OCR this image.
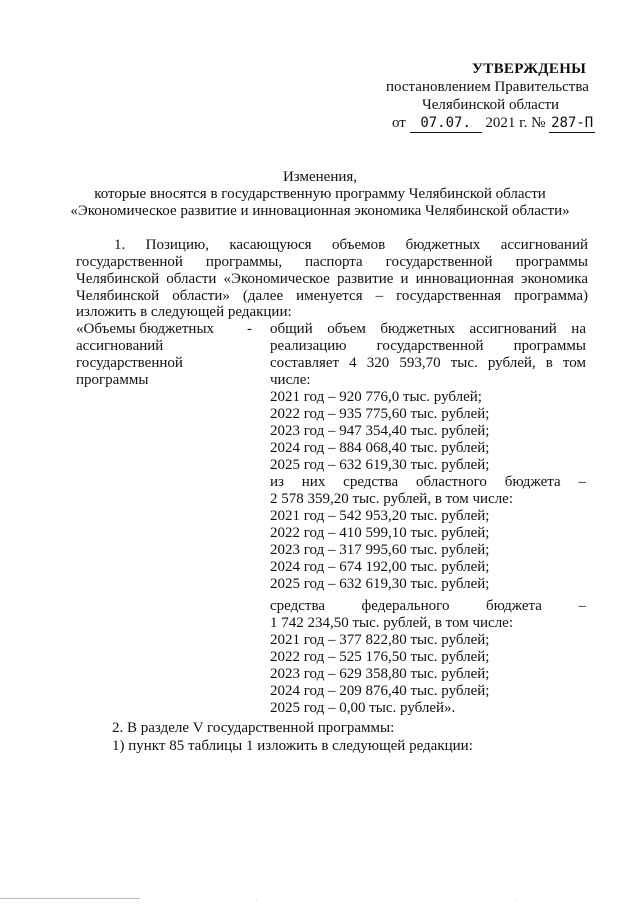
УТВЕРЖДЕНЫ
постановлением Правительства
Челябинской области
от 07.07. 2021 г. № 287-П
Изменения,
которые вносятся в государственную программу Челябинской области
«Экономическое развитие и инновационная экономика Челябинской области»
1. Позицию, касающуюся объемов бюджетных ассигнований
государственной программы, паспорта государственной программы
Челябинской области «Экономическое развитие и инновационная экономика
Челябинской области» (далее именуется – государственная программа)
изложить в следующей редакции:
«Объемы бюджетных
ассигнований
государственной
программы
- общий объем бюджетных ассигнований на
реализацию государственной программы
составляет 4 320 593,70 тыс. рублей, в том
числе:
2021 год – 920 776,0 тыс. рублей;
2022 год – 935 775,60 тыс. рублей;
2023 год – 947 354,40 тыс. рублей;
2024 год – 884 068,40 тыс. рублей;
2025 год – 632 619,30 тыс. рублей;
из них средства областного бюджета –
2 578 359,20 тыс. рублей, в том числе:
2021 год – 542 953,20 тыс. рублей;
2022 год – 410 599,10 тыс. рублей;
2023 год – 317 995,60 тыс. рублей;
2024 год – 674 192,00 тыс. рублей;
2025 год – 632 619,30 тыс. рублей;
средства федерального бюджета –
1 742 234,50 тыс. рублей, в том числе:
2021 год – 377 822,80 тыс. рублей;
2022 год – 525 176,50 тыс. рублей;
2023 год – 629 358,80 тыс. рублей;
2024 год – 209 876,40 тыс. рублей;
2025 год – 0,00 тыс. рублей».
2. В разделе V государственной программы:
1) пункт 85 таблицы 1 изложить в следующей редакции:
·	·
